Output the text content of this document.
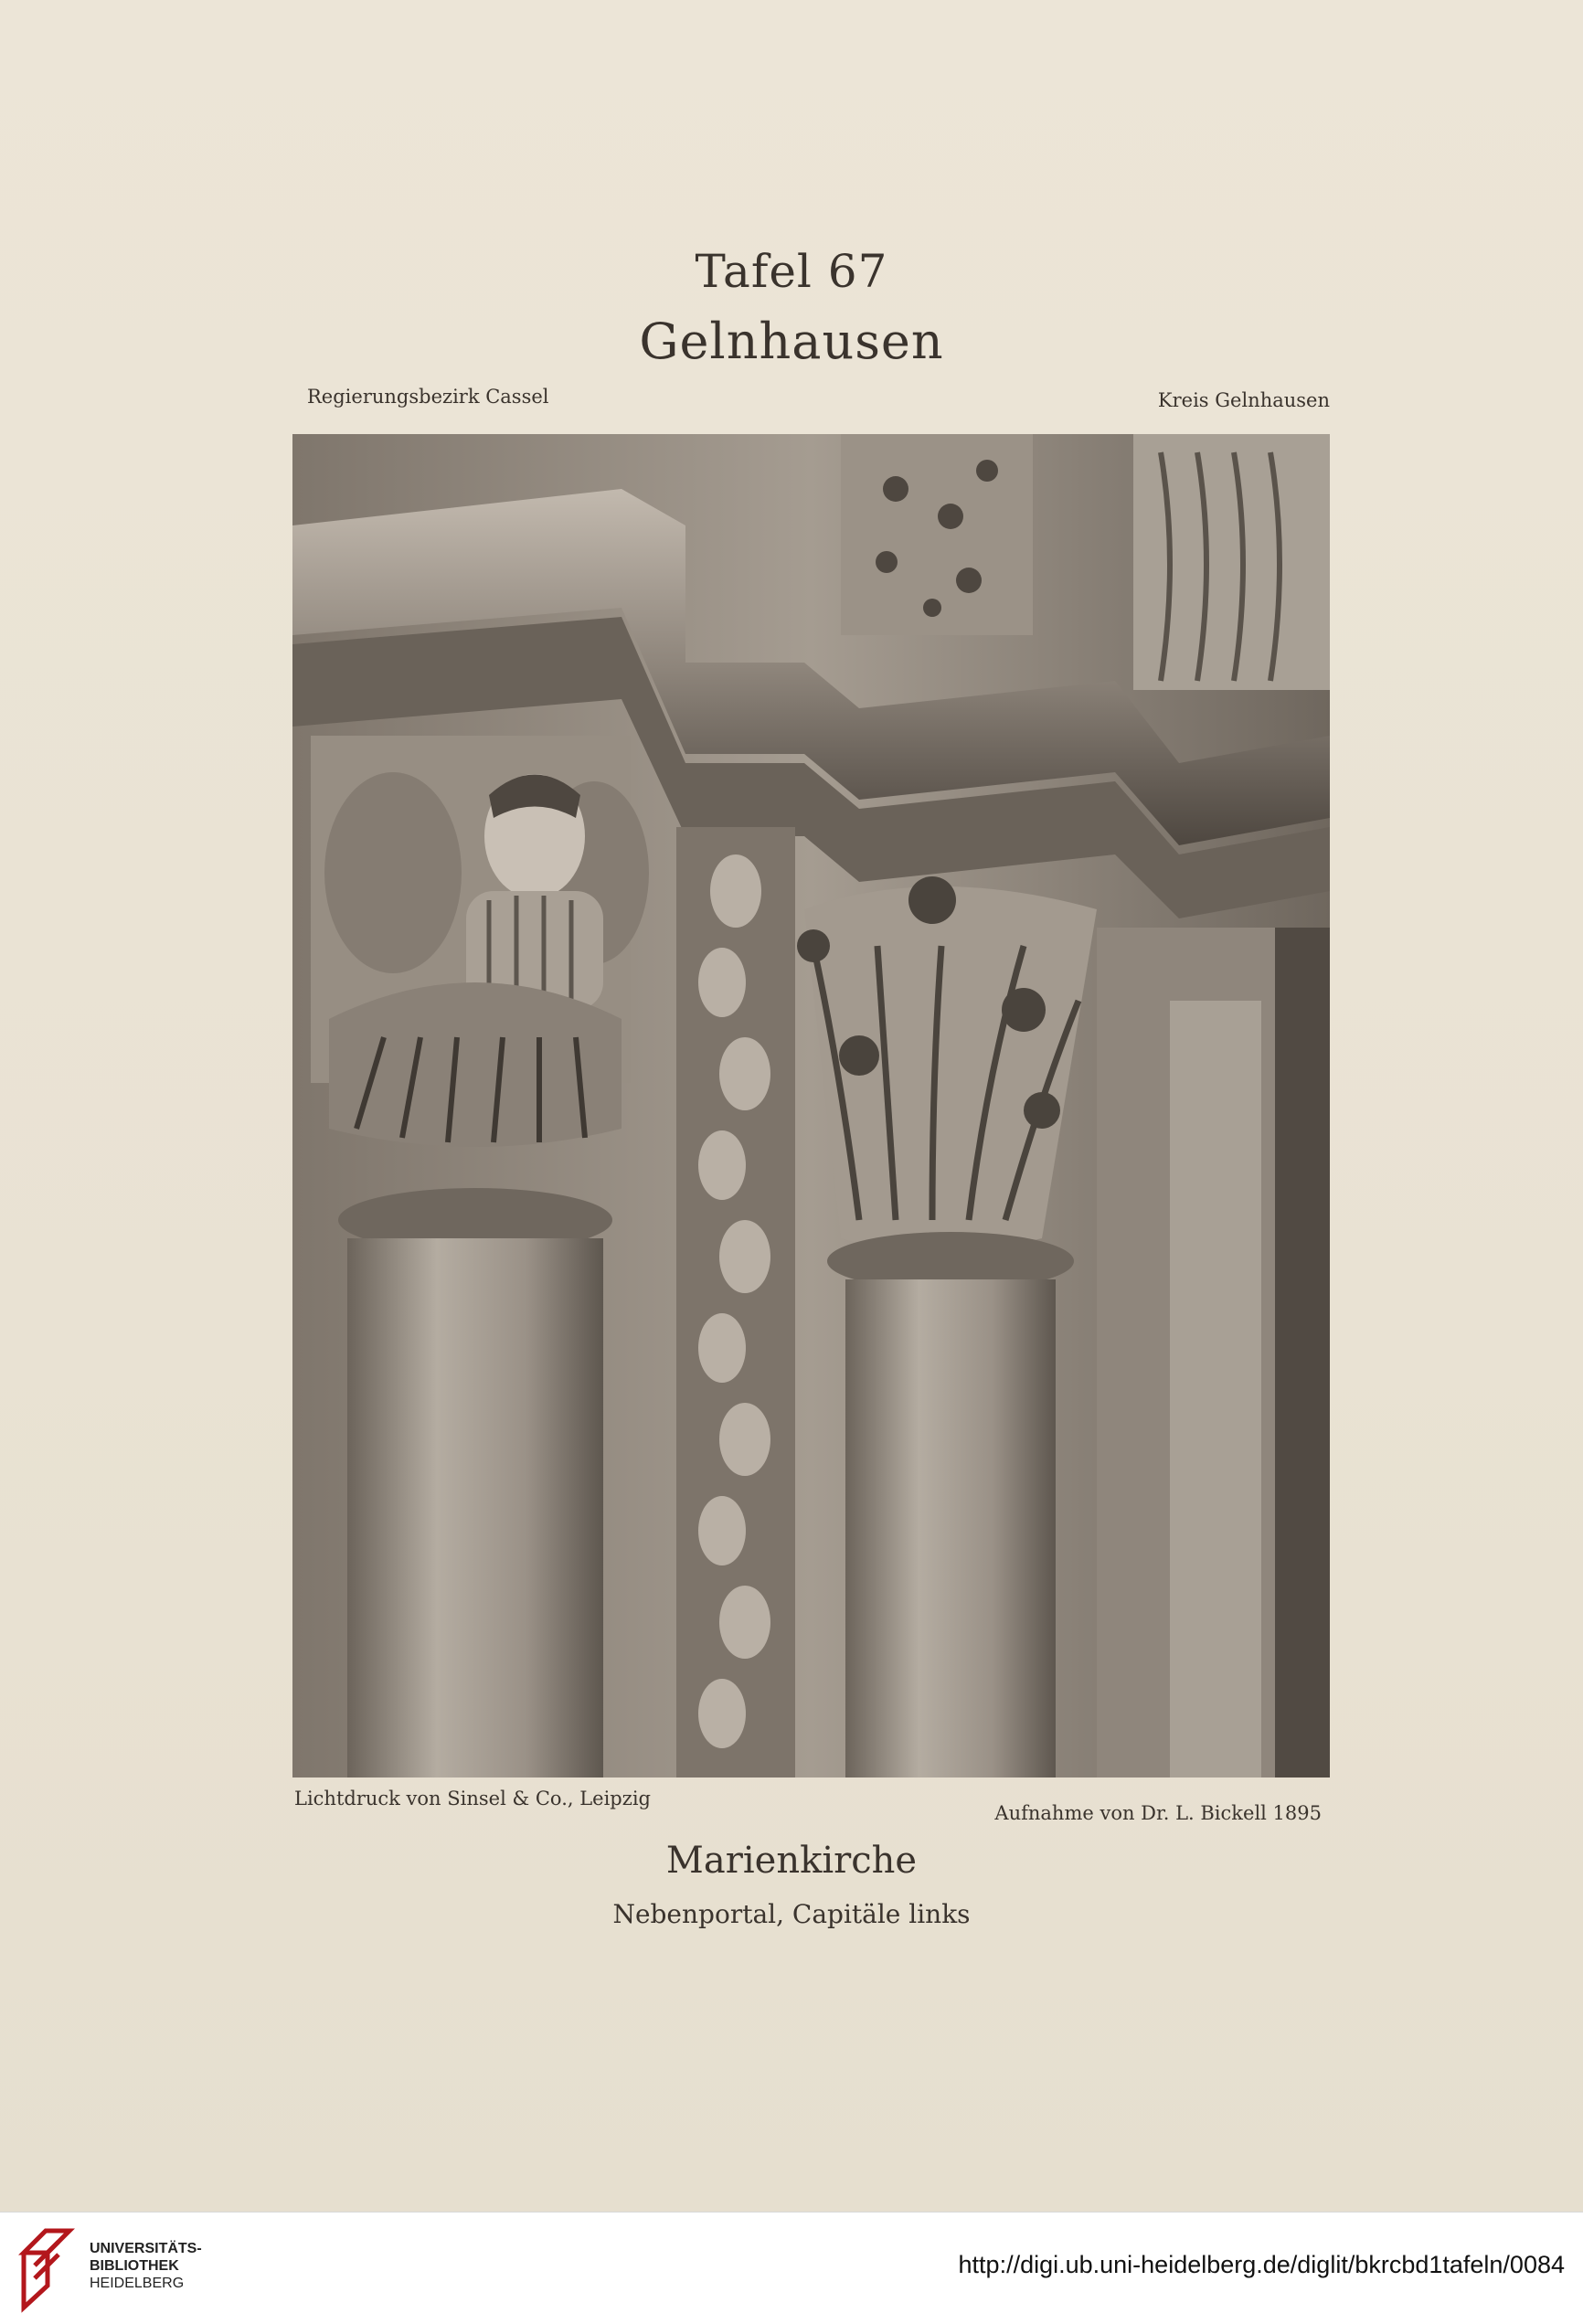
Tafel 67
Gelnhausen
Regierungsbezirk Cassel	Kreis Gelnhausen
Lichtdruck von Sinsel & Co., Leipzig
Aufnahme von Dr. L. Bickell 1895
Marienkirche
Nebenportal, Capitäle links
UNIVERSITÄTS-
BIBLIOTHEK
HEIDELBERG
http://digi.ub.uni-heidelberg.de/diglit/bkrcbd1tafeln/0084
